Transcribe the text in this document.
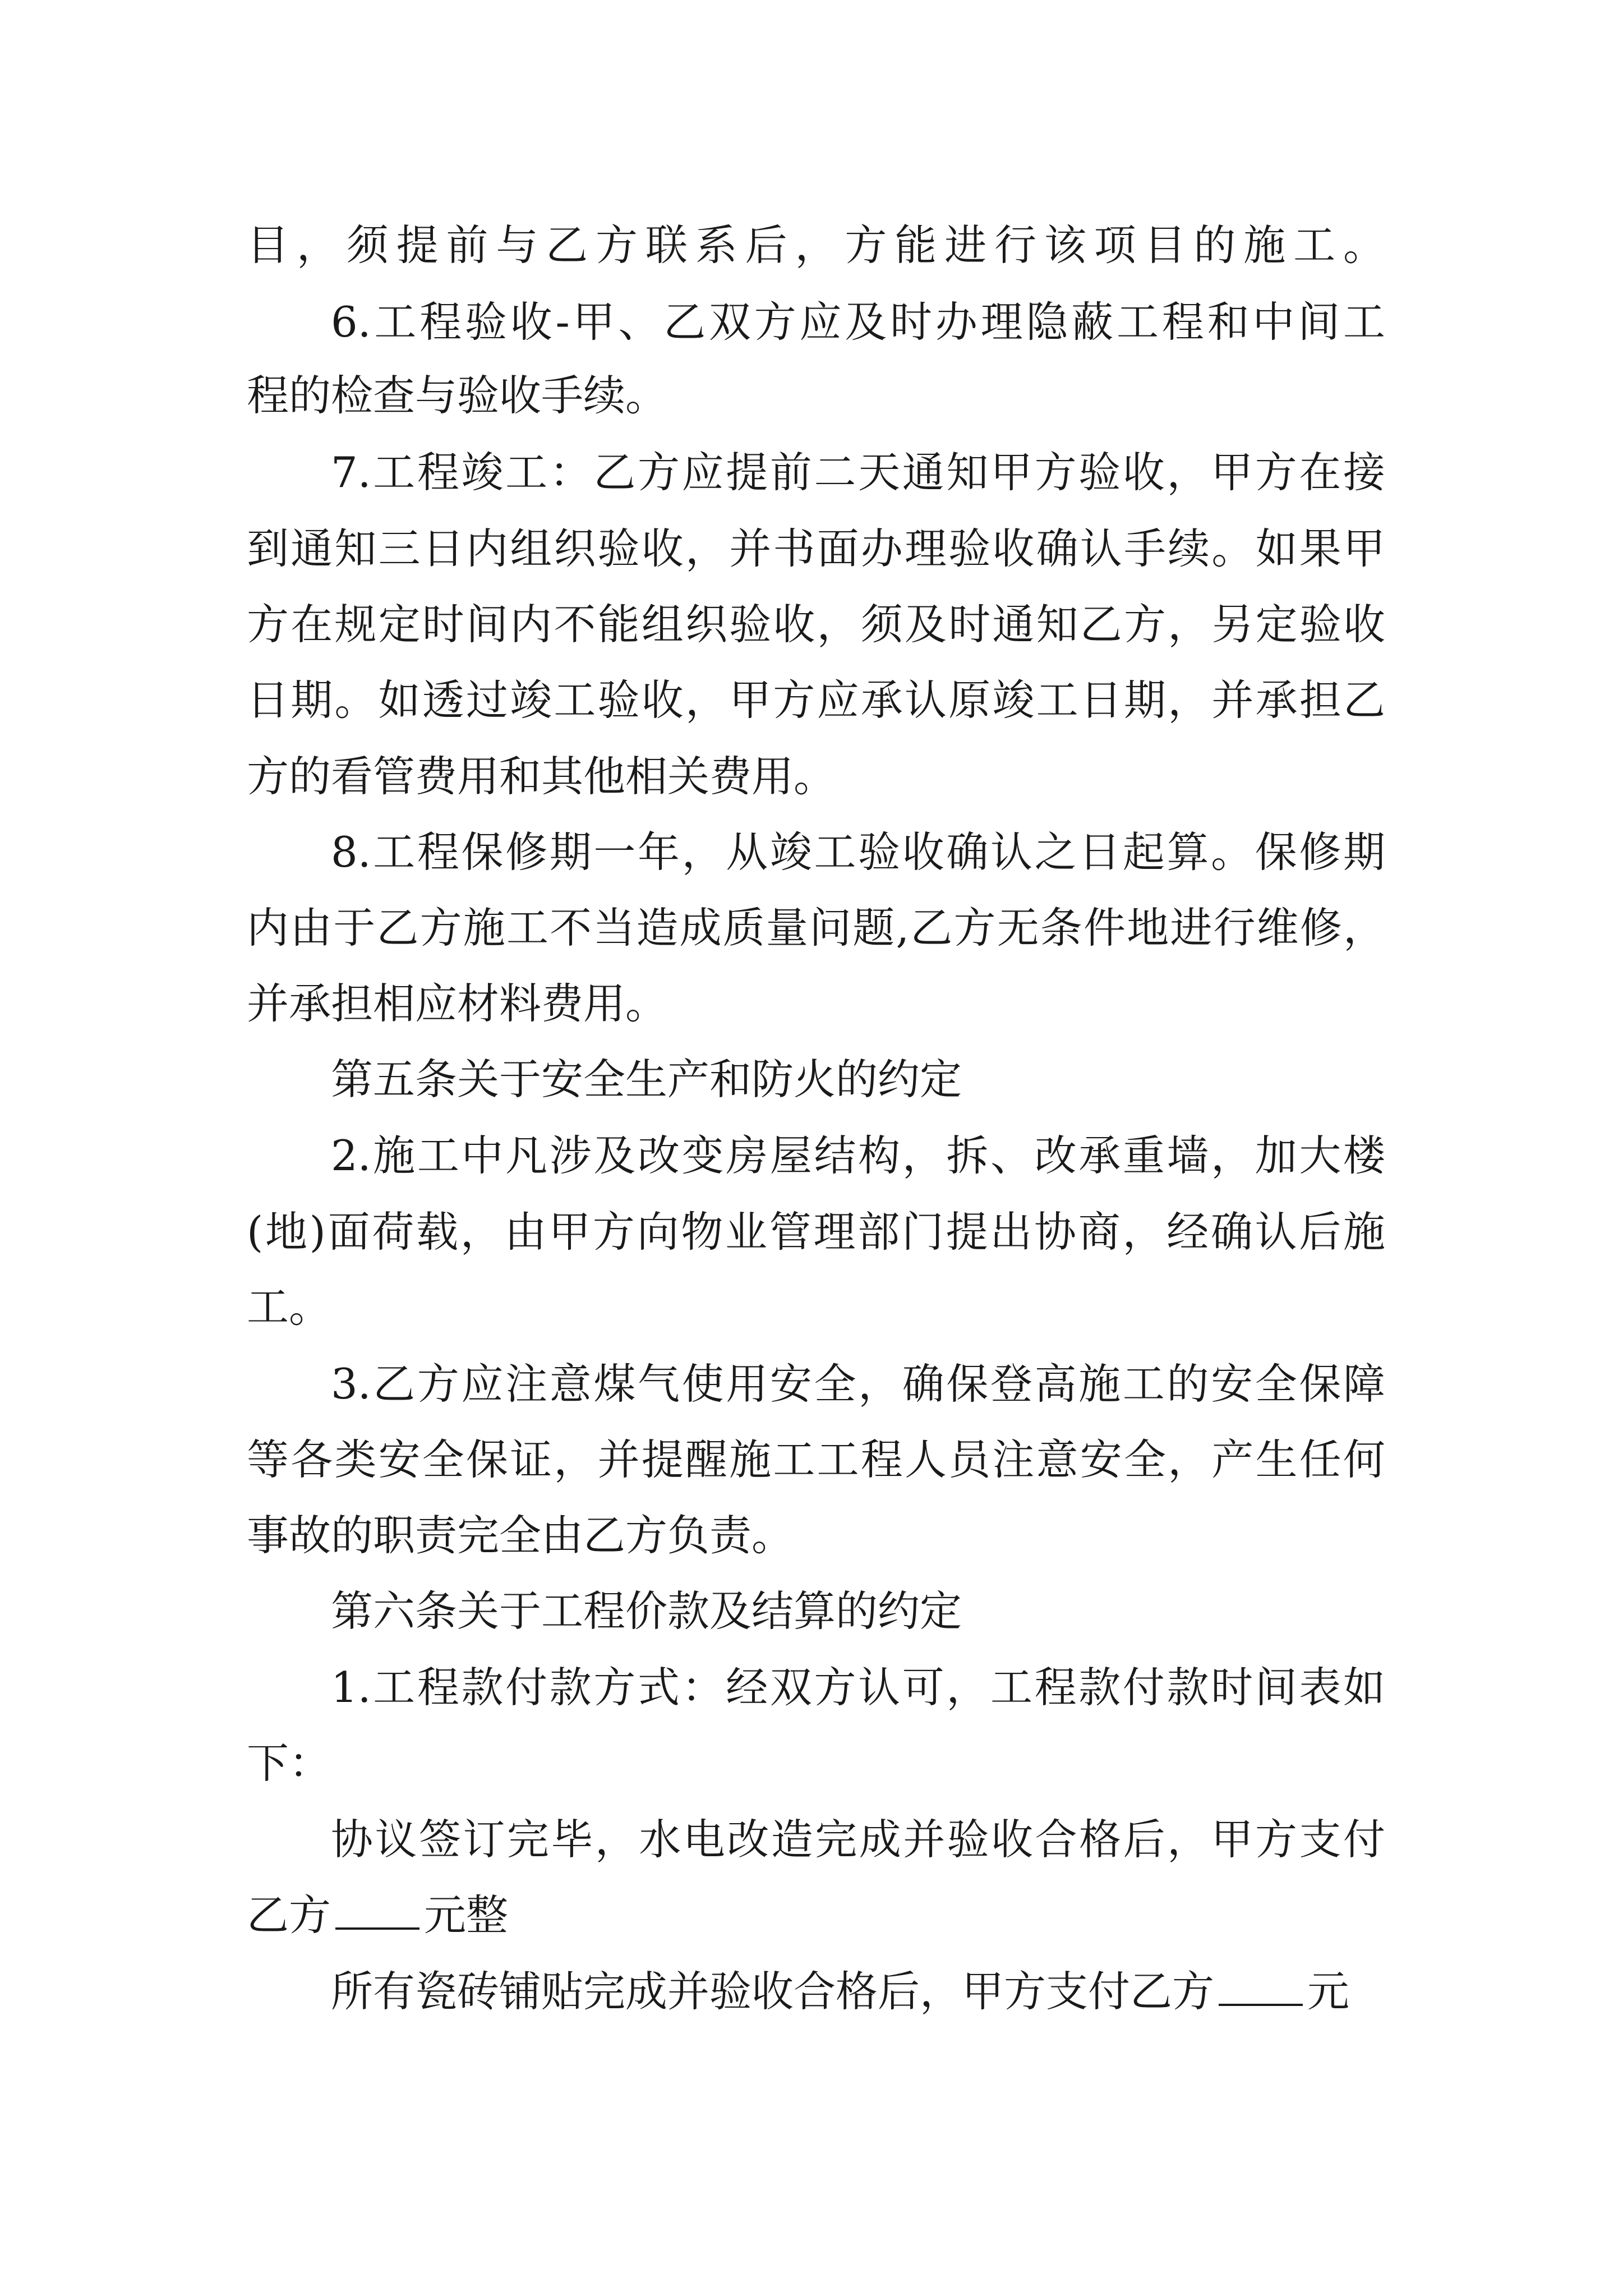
目，须提前与乙方联系后，方能进行该项目的施工。
6.工程验收-甲、乙双方应及时办理隐蔽工程和中间工
程的检查与验收手续。
7.工程竣工：乙方应提前二天通知甲方验收，甲方在接
到通知三日内组织验收，并书面办理验收确认手续。如果甲
方在规定时间内不能组织验收，须及时通知乙方，另定验收
日期。如透过竣工验收，甲方应承认原竣工日期，并承担乙
方的看管费用和其他相关费用。
8.工程保修期一年，从竣工验收确认之日起算。保修期
内由于乙方施工不当造成质量问题,乙方无条件地进行维修，
并承担相应材料费用。
第五条关于安全生产和防火的约定
2.施工中凡涉及改变房屋结构，拆、改承重墙，加大楼
(地)面荷载，由甲方向物业管理部门提出协商，经确认后施
工。
3.乙方应注意煤气使用安全，确保登高施工的安全保障
等各类安全保证，并提醒施工工程人员注意安全，产生任何
事故的职责完全由乙方负责。
第六条关于工程价款及结算的约定
1.工程款付款方式：经双方认可，工程款付款时间表如
下：
协议签订完毕，水电改造完成并验收合格后，甲方支付
乙方 元整
所有瓷砖铺贴完成并验收合格后，甲方支付乙方 元
